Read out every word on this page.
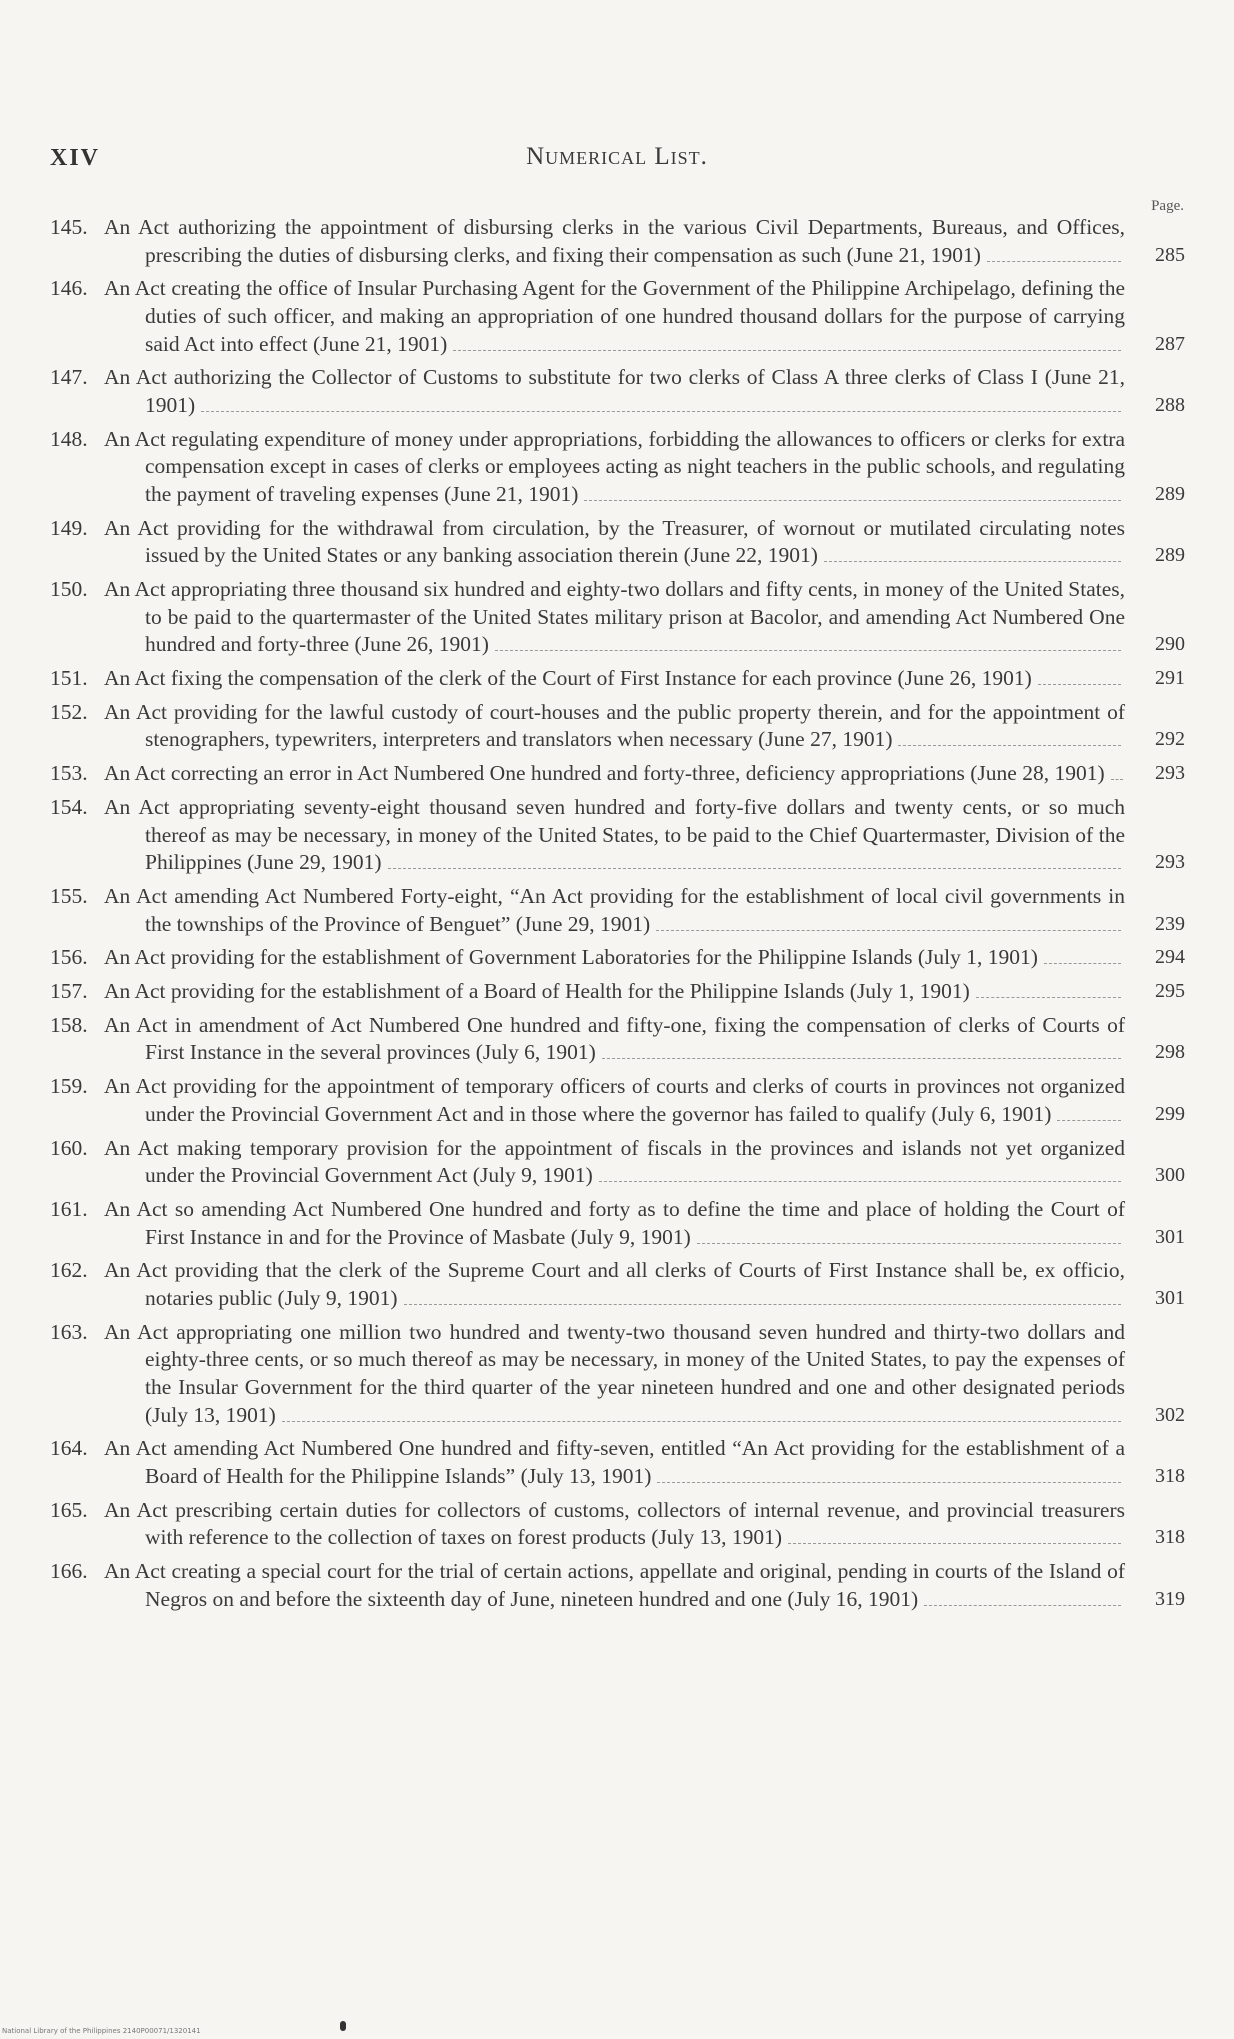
XIV	Numerical List.
Page.
145. An Act authorizing the appointment of disbursing clerks in the various Civil Departments, Bureaus, and Offices, prescribing the duties of disbursing clerks, and fixing their compensation as such (June 21, 1901)	285
146. An Act creating the office of Insular Purchasing Agent for the Government of the Philippine Archipelago, defining the duties of such officer, and making an appropriation of one hundred thousand dollars for the purpose of carrying said Act into effect (June 21, 1901)	287
147. An Act authorizing the Collector of Customs to substitute for two clerks of Class A three clerks of Class I (June 21, 1901)	288
148. An Act regulating expenditure of money under appropriations, forbidding the allowances to officers or clerks for extra compensation except in cases of clerks or employees acting as night teachers in the public schools, and regulating the payment of traveling expenses (June 21, 1901)	289
149. An Act providing for the withdrawal from circulation, by the Treasurer, of wornout or mutilated circulating notes issued by the United States or any banking association therein (June 22, 1901)	289
150. An Act appropriating three thousand six hundred and eighty-two dollars and fifty cents, in money of the United States, to be paid to the quartermaster of the United States military prison at Bacolor, and amending Act Numbered One hundred and forty-three (June 26, 1901)	290
151. An Act fixing the compensation of the clerk of the Court of First Instance for each province (June 26, 1901)	291
152. An Act providing for the lawful custody of court-houses and the public property therein, and for the appointment of stenographers, typewriters, interpreters and translators when necessary (June 27, 1901)	292
153. An Act correcting an error in Act Numbered One hundred and forty-three, deficiency appropriations (June 28, 1901)	293
154. An Act appropriating seventy-eight thousand seven hundred and forty-five dollars and twenty cents, or so much thereof as may be necessary, in money of the United States, to be paid to the Chief Quartermaster, Division of the Philippines (June 29, 1901)	293
155. An Act amending Act Numbered Forty-eight, “An Act providing for the establishment of local civil governments in the townships of the Province of Benguet” (June 29, 1901)	239
156. An Act providing for the establishment of Government Laboratories for the Philippine Islands (July 1, 1901)	294
157. An Act providing for the establishment of a Board of Health for the Philippine Islands (July 1, 1901)	295
158. An Act in amendment of Act Numbered One hundred and fifty-one, fixing the compensation of clerks of Courts of First Instance in the several provinces (July 6, 1901)	298
159. An Act providing for the appointment of temporary officers of courts and clerks of courts in provinces not organized under the Provincial Government Act and in those where the governor has failed to qualify (July 6, 1901)	299
160. An Act making temporary provision for the appointment of fiscals in the provinces and islands not yet organized under the Provincial Government Act (July 9, 1901)	300
161. An Act so amending Act Numbered One hundred and forty as to define the time and place of holding the Court of First Instance in and for the Province of Masbate (July 9, 1901)	301
162. An Act providing that the clerk of the Supreme Court and all clerks of Courts of First Instance shall be, ex officio, notaries public (July 9, 1901)	301
163. An Act appropriating one million two hundred and twenty-two thousand seven hundred and thirty-two dollars and eighty-three cents, or so much thereof as may be necessary, in money of the United States, to pay the expenses of the Insular Government for the third quarter of the year nineteen hundred and one and other designated periods (July 13, 1901)	302
164. An Act amending Act Numbered One hundred and fifty-seven, entitled “An Act providing for the establishment of a Board of Health for the Philippine Islands” (July 13, 1901)	318
165. An Act prescribing certain duties for collectors of customs, collectors of internal revenue, and provincial treasurers with reference to the collection of taxes on forest products (July 13, 1901)	318
166. An Act creating a special court for the trial of certain actions, appellate and original, pending in courts of the Island of Negros on and before the sixteenth day of June, nineteen hundred and one (July 16, 1901)	319
National Library of the Philippines 2140P00071/1320141
